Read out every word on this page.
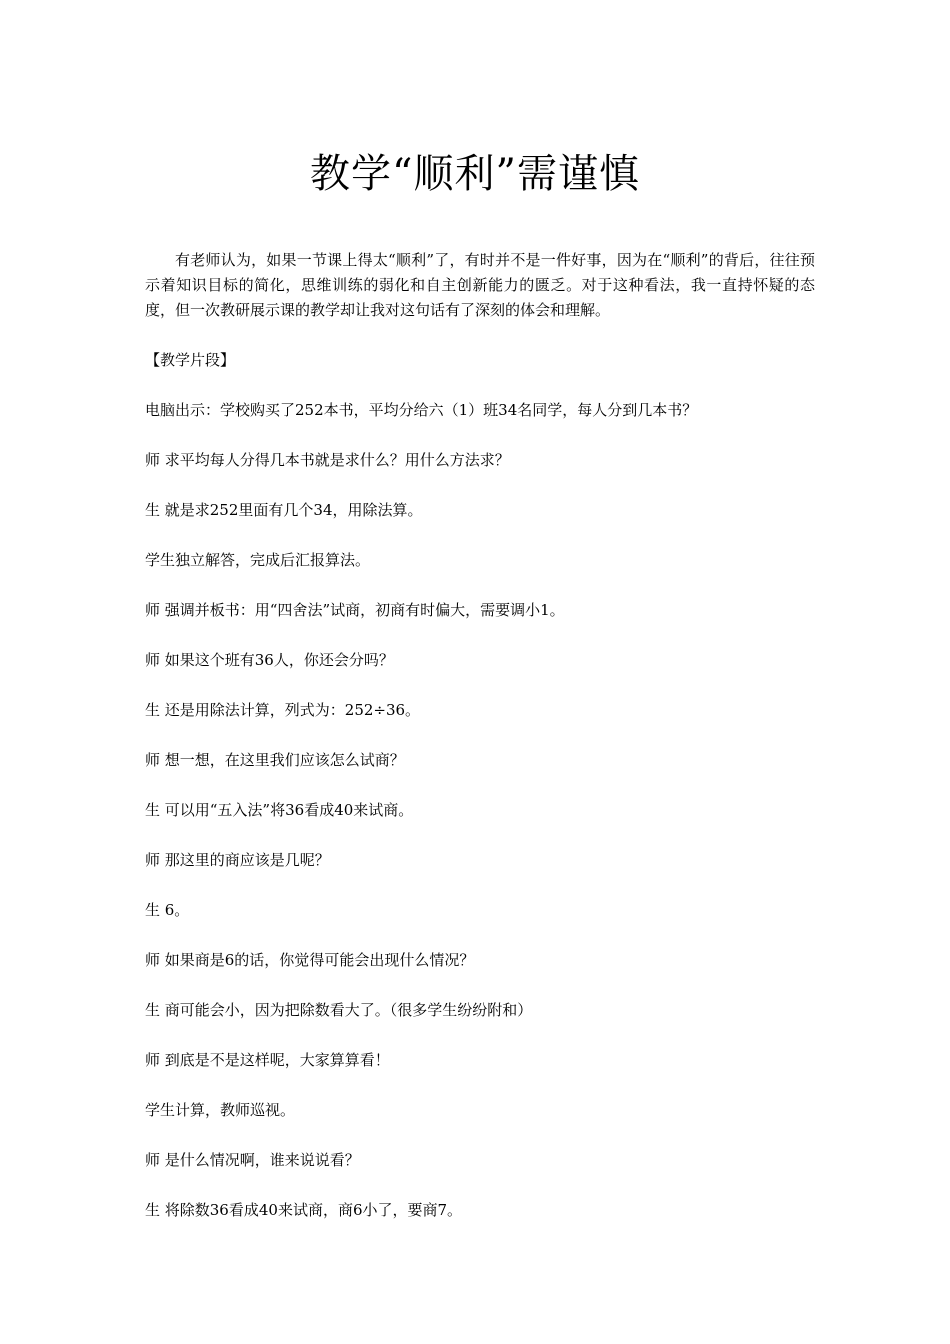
教学“顺利”需谨慎

有老师认为，如果一节课上得太“顺利”了，有时并不是一件好事，因为在“顺利”的背后，往往预示着知识目标的简化，思维训练的弱化和自主创新能力的匮乏。对于这种看法，我一直持怀疑的态度，但一次教研展示课的教学却让我对这句话有了深刻的体会和理解。

【教学片段】

电脑出示：学校购买了252本书，平均分给六（1）班34名同学，每人分到几本书？

师 求平均每人分得几本书就是求什么？用什么方法求？

生 就是求252里面有几个34，用除法算。

学生独立解答，完成后汇报算法。

师 强调并板书：用“四舍法”试商，初商有时偏大，需要调小1。

师 如果这个班有36人，你还会分吗？

生 还是用除法计算，列式为：252÷36。

师 想一想，在这里我们应该怎么试商？

生 可以用“五入法”将36看成40来试商。

师 那这里的商应该是几呢？

生 6。

师 如果商是6的话，你觉得可能会出现什么情况？

生 商可能会小，因为把除数看大了。（很多学生纷纷附和）

师 到底是不是这样呢，大家算算看！

学生计算，教师巡视。

师 是什么情况啊，谁来说说看？

生 将除数36看成40来试商，商6小了，要商7。
